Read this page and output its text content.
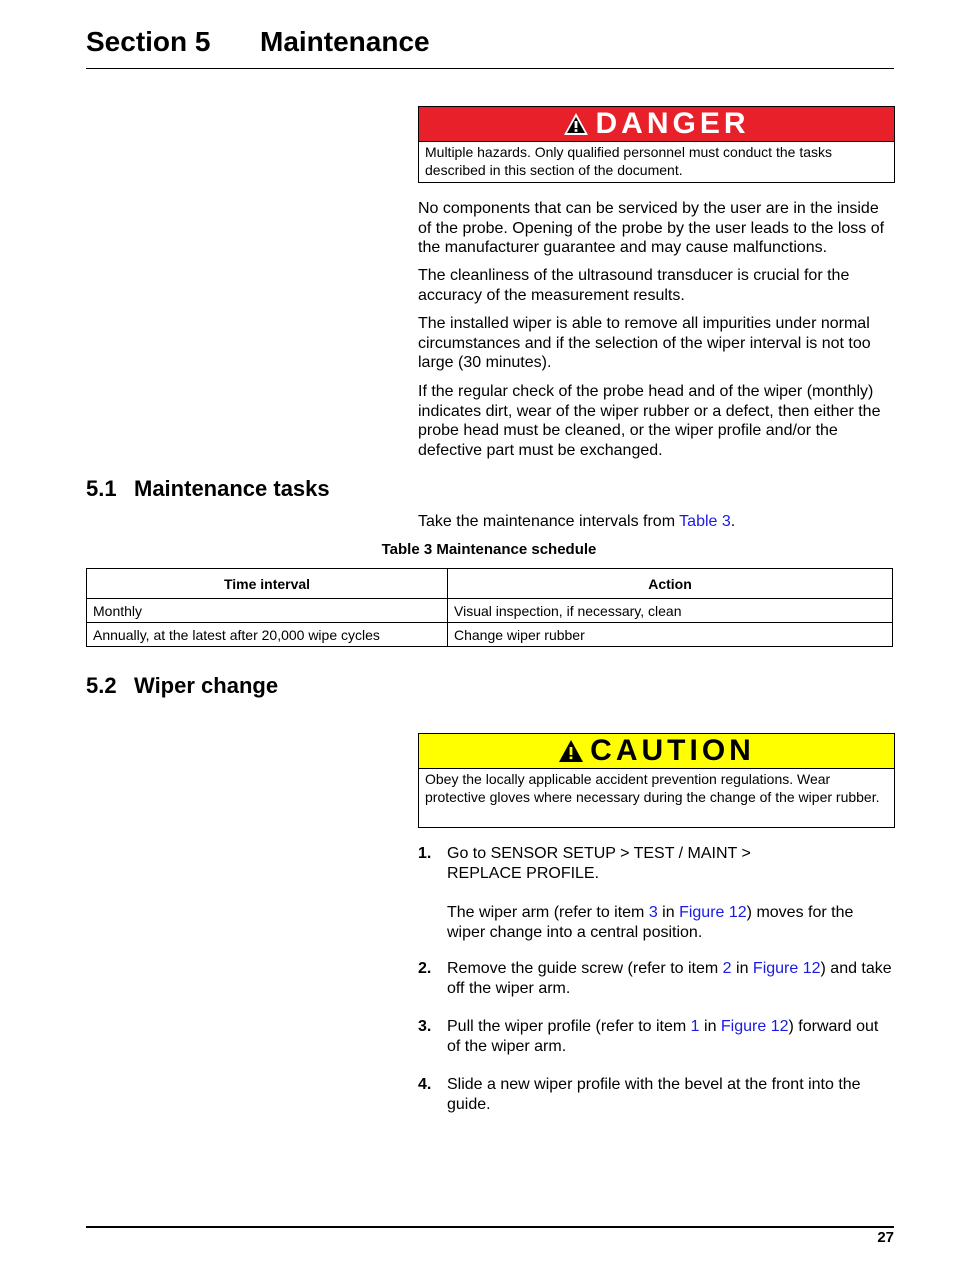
Section 5 Maintenance
DANGER
Multiple hazards. Only qualified personnel must conduct the tasks described in this section of the document.

No components that can be serviced by the user are in the inside of the probe. Opening of the probe by the user leads to the loss of the manufacturer guarantee and may cause malfunctions.

The cleanliness of the ultrasound transducer is crucial for the accuracy of the measurement results.

The installed wiper is able to remove all impurities under normal circumstances and if the selection of the wiper interval is not too large (30 minutes).

If the regular check of the probe head and of the wiper (monthly) indicates dirt, wear of the wiper rubber or a defect, then either the probe head must be cleaned, or the wiper profile and/or the defective part must be exchanged.

5.1 Maintenance tasks

Take the maintenance intervals from Table 3.

Table 3 Maintenance schedule
Time interval	Action
Monthly	Visual inspection, if necessary, clean
Annually, at the latest after 20,000 wipe cycles	Change wiper rubber
5.2 Wiper change
CAUTION
Obey the locally applicable accident prevention regulations. Wear protective gloves where necessary during the change of the wiper rubber.
1. Go to SENSOR SETUP > TEST / MAINT > REPLACE PROFILE.
The wiper arm (refer to item 3 in Figure 12) moves for the wiper change into a central position.
2. Remove the guide screw (refer to item 2 in Figure 12) and take off the wiper arm.
3. Pull the wiper profile (refer to item 1 in Figure 12) forward out of the wiper arm.
4. Slide a new wiper profile with the bevel at the front into the guide.
27
